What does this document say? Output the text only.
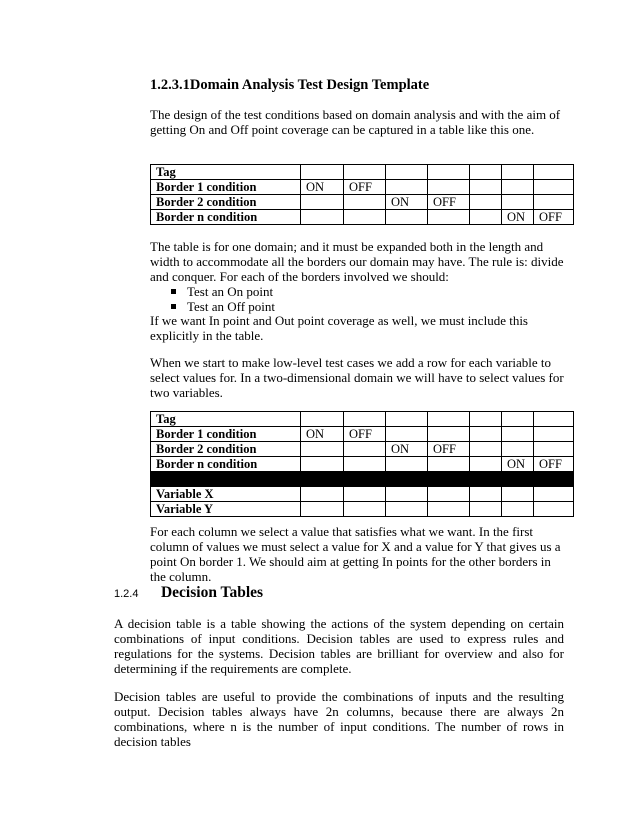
1.2.3.1Domain Analysis Test Design Template
The design of the test conditions based on domain analysis and with the aim of getting On and Off point coverage can be captured in a table like this one.
Tag							
Border 1 condition	ON	OFF					
Border 2 condition			ON	OFF			
Border n condition						ON	OFF
The table is for one domain; and it must be expanded both in the length and width to accommodate all the borders our domain may have. The rule is: divide and conquer. For each of the borders involved we should:
Test an On point
Test an Off point
If we want In point and Out point coverage as well, we must include this explicitly in the table.
When we start to make low-level test cases we add a row for each variable to select values for. In a two-dimensional domain we will have to select values for two variables.
Tag							
Border 1 condition	ON	OFF					
Border 2 condition			ON	OFF			
Border n condition						ON	OFF

Variable X							
Variable Y							
For each column we select a value that satisfies what we want. In the first column of values we must select a value for X and a value for Y that gives us a point On border 1. We should aim at getting In points for the other borders in the column.
1.2.4 Decision Tables
A decision table is a table showing the actions of the system depending on certain combinations of input conditions. Decision tables are used to express rules and regulations for the systems. Decision tables are brilliant for overview and also for determining if the requirements are complete.
Decision tables are useful to provide the combinations of inputs and the resulting output. Decision tables always have 2n columns, because there are always 2n combinations, where n is the number of input conditions. The number of rows in decision tables
